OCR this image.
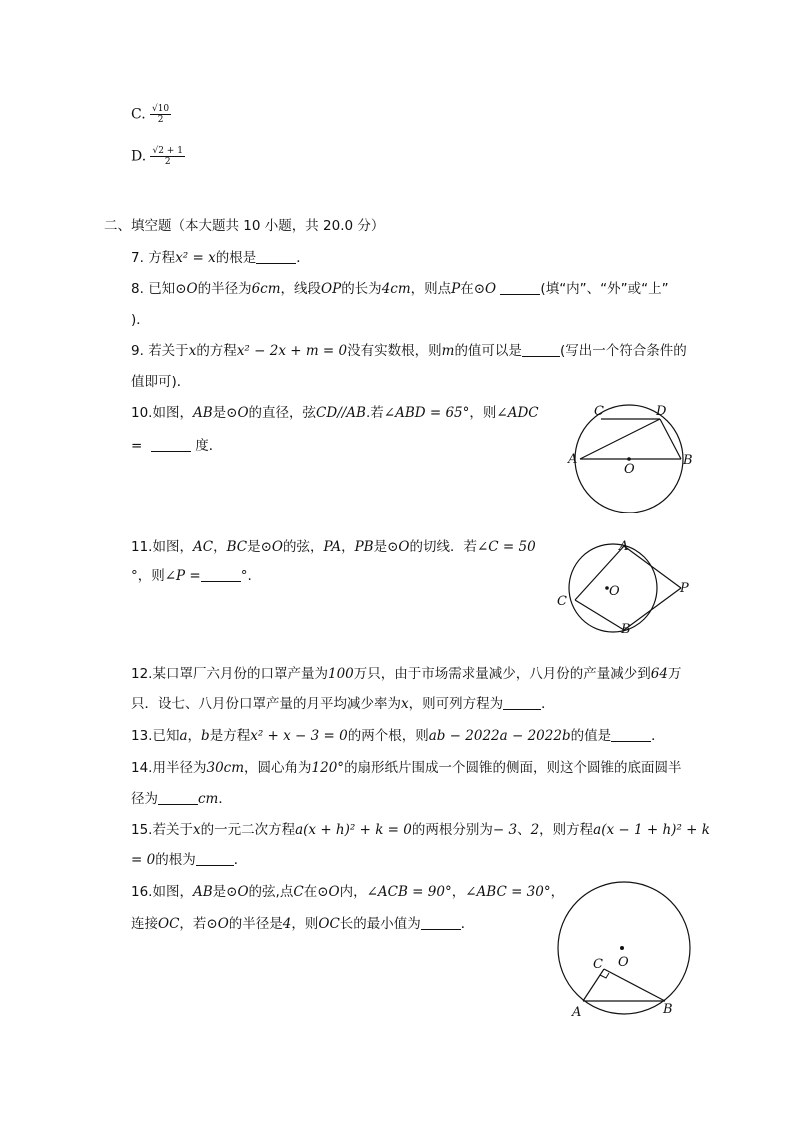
C. $\frac{√10}{2}$
D. $\frac{√2 + 1}{2}$
二、填空题（本大题共 10 小题，共 20.0 分）
7. 方程x² = x的根是	．
8. 已知⊙O的半径为6cm，线段OP的长为4cm，则点P在⊙O	(填“内”、“外”或“上”
)．
9. 若关于x的方程x² − 2x + m = 0没有实数根，则m的值可以是	(写出一个符合条件的
值即可)．
10.如图，AB是⊙O的直径，弦CD//AB.若∠ABD = 65°，则∠ADC
=	度．
C	D
A	B
O
11.如图，AC，BC是⊙O的弦，PA，PB是⊙O的切线．若∠C = 50
°，则∠P =	°.
A
B
C
P
O
12.某口罩厂六月份的口罩产量为100万只，由于市场需求量减少，八月份的产量减少到64万
只．设七、八月份口罩产量的月平均减少率为x，则可列方程为	．
13.已知a，b是方程x² + x − 3 = 0的两个根，则ab − 2022a − 2022b的值是	．
14.用半径为30cm，圆心角为120°的扇形纸片围成一个圆锥的侧面，则这个圆锥的底面圆半
径为	cm．
15.若关于x的一元二次方程a(x + h)² + k = 0的两根分别为− 3、2，则方程a(x − 1 + h)² + k
= 0的根为	．
16.如图，AB是⊙O的弦,点C在⊙O内，∠ACB = 90°，∠ABC = 30°，
连接OC，若⊙O的半径是4，则OC长的最小值为	．
C O
A	B
